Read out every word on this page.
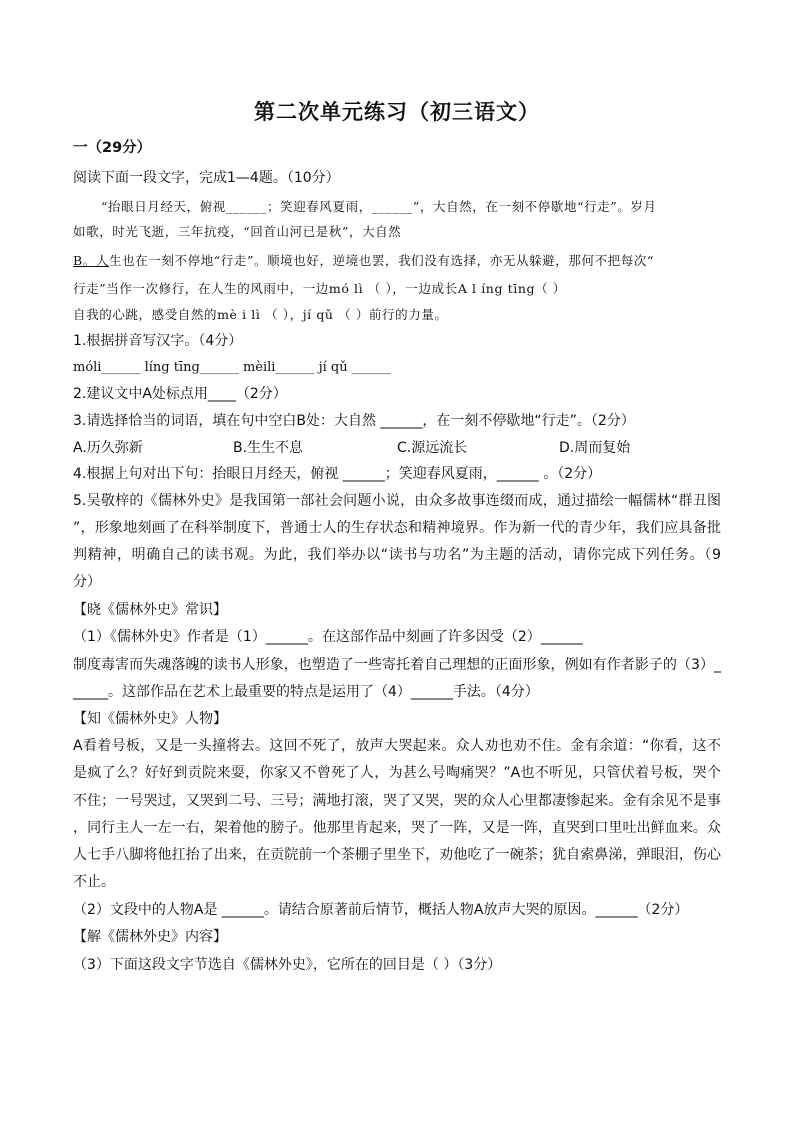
第二次单元练习（初三语文）
一（29分）
阅读下面一段文字，完成1—4题。（10分）
“抬眼日月经天，俯视______；笑迎春风夏雨，______”，大自然，在一刻不停歇地“行走”。岁月
如歌，时光飞逝，三年抗疫，“回首山河已是秋”，大自然
B。人生也在一刻不停地“行走”。顺境也好，逆境也罢，我们没有选择，亦无从躲避，那何不把每次“
行走”当作一次修行，在人生的风雨中，一边mó lì （ ），一边成长A l íng tīng（ ）
自我的心跳，感受自然的mè i lì （ ），jí qǔ （ ）前行的力量。
1.根据拼音写汉字。（4分）
móli______ líng tīng______ mèili______ jí qǔ ______
2.建议文中A处标点用____（2分）
3.请选择恰当的词语，填在句中空白B处：大自然 ______，在一刻不停歇地“行走”。（2分）
A.历久弥新	B.生生不息	C.源远流长	D.周而复始
4.根据上句对出下句：抬眼日月经天，俯视 ______；笑迎春风夏雨，______ 。（2分）
5.吴敬梓的《儒林外史》是我国第一部社会问题小说，由众多故事连缀而成，通过描绘一幅儒林“群丑图
”，形象地刻画了在科举制度下，普通士人的生存状态和精神境界。作为新一代的青少年，我们应具备批
判精神，明确自己的读书观。为此，我们举办以“读书与功名”为主题的活动，请你完成下列任务。（9
分）
【晓《儒林外史》常识】
（1）《儒林外史》作者是（1）______。在这部作品中刻画了许多因受（2）______
制度毒害而失魂落魄的读书人形象，也塑造了一些寄托着自己理想的正面形象，例如有作者影子的（3）_
_____。这部作品在艺术上最重要的特点是运用了（4）______手法。（4分）
【知《儒林外史》人物】
A看着号板，又是一头撞将去。这回不死了，放声大哭起来。众人劝也劝不住。金有余道：“你看，这不
是疯了么？好好到贡院来耍，你家又不曾死了人，为甚么号啕痛哭？”A也不听见，只管伏着号板，哭个
不住；一号哭过，又哭到二号、三号；满地打滚，哭了又哭，哭的众人心里都凄惨起来。金有余见不是事
，同行主人一左一右，架着他的膀子。他那里肯起来，哭了一阵，又是一阵，直哭到口里吐出鲜血来。众
人七手八脚将他扛抬了出来，在贡院前一个茶棚子里坐下，劝他吃了一碗茶；犹自索鼻涕，弹眼泪，伤心
不止。
（2）文段中的人物A是 ______。请结合原著前后情节，概括人物A放声大哭的原因。______（2分）
【解《儒林外史》内容】
（3）下面这段文字节选自《儒林外史》，它所在的回目是（ ）（3分）
